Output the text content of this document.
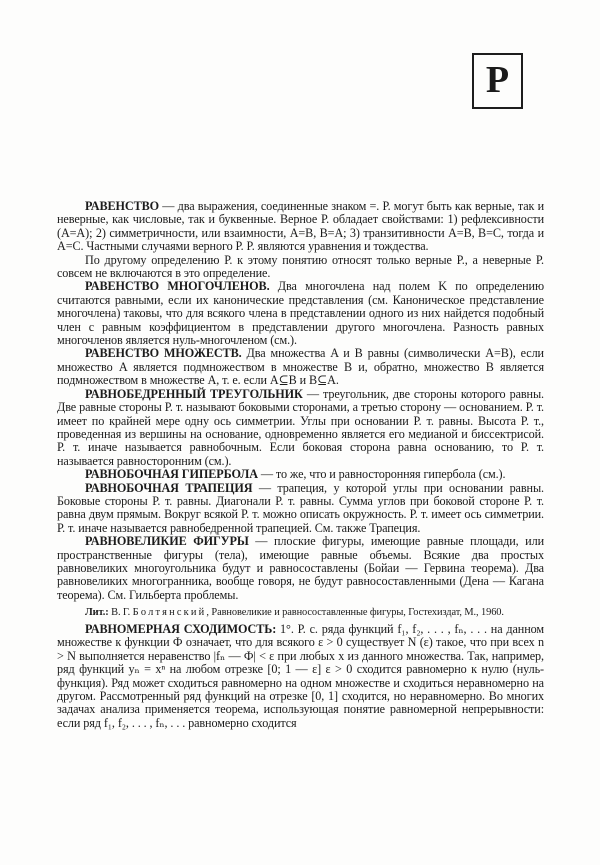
Р

РАВЕНСТВО — два выражения, соединенные знаком =. Р. могут быть как верные, так и неверные, как числовые, так и буквенные. Верное Р. обладает свойствами: 1) рефлексивности (A=A); 2) симметричности, или взаимности, A=B, B=A; 3) транзитивности A=B, B=C, тогда и A=C. Частными случаями верного Р. Р. являются уравнения и тождества.

По другому определению Р. к этому понятию относят только верные Р., а неверные Р. совсем не включаются в это определение.

РАВЕНСТВО МНОГОЧЛЕНОВ. Два многочлена над полем K по определению считаются равными, если их канонические представления (см. Каноническое представление многочлена) таковы, что для всякого члена в представлении одного из них найдется подобный член с равным коэффициентом в представлении другого многочлена. Разность равных многочленов является нуль-многочленом (см.).

РАВЕНСТВО МНОЖЕСТВ. Два множества A и B равны (символически A=B), если множество A является подмножеством в множестве B и, обратно, множество B является подмножеством в множестве A, т. е. если A⊆B и B⊆A.

РАВНОБЕДРЕННЫЙ ТРЕУГОЛЬНИК — треугольник, две стороны которого равны. Две равные стороны Р. т. называют боковыми сторонами, а третью сторону — основанием. Р. т. имеет по крайней мере одну ось симметрии. Углы при основании Р. т. равны. Высота Р. т., проведенная из вершины на основание, одновременно является его медианой и биссектрисой. Р. т. иначе называется равнобочным. Если боковая сторона равна основанию, то Р. т. называется равносторонним (см.).

РАВНОБОЧНАЯ ГИПЕРБОЛА — то же, что и равносторонняя гипербола (см.).

РАВНОБОЧНАЯ ТРАПЕЦИЯ — трапеция, у которой углы при основании равны. Боковые стороны Р. т. равны. Диагонали Р. т. равны. Сумма углов при боковой стороне Р. т. равна двум прямым. Вокруг всякой Р. т. можно описать окружность. Р. т. имеет ось симметрии. Р. т. иначе называется равнобедренной трапецией. См. также Трапеция.

РАВНОВЕЛИКИЕ ФИГУРЫ — плоские фигуры, имеющие равные площади, или пространственные фигуры (тела), имеющие равные объемы. Всякие два простых равновеликих многоугольника будут и равносоставлены (Бойаи — Гервина теорема). Два равновеликих многогранника, вообще говоря, не будут равносоставленными (Дена — Кагана теорема). См. Гильберта проблемы.

Лит.: В. Г. Болтянский, Равновеликие и равносоставленные фигуры, Гостехиздат, М., 1960.

РАВНОМЕРНАЯ СХОДИМОСТЬ: 1°. Р. с. ряда функций f₁, f₂, . . . , fₙ, . . . на данном множестве к функции Ф означает, что для всякого ε > 0 существует N (ε) такое, что при всех n > N выполняется неравенство |fₙ — Ф| < ε при любых x из данного множества. Так, например, ряд функций yₙ = xⁿ на любом отрезке [0; 1 — ε] ε > 0 сходится равномерно к нулю (нуль-функция). Ряд может сходиться равномерно на одном множестве и сходиться неравномерно на другом. Рассмотренный ряд функций на отрезке [0, 1] сходится, но неравномерно. Во многих задачах анализа применяется теорема, использующая понятие равномерной непрерывности: если ряд f₁, f₂, . . . , fₙ, . . . равномерно сходится
